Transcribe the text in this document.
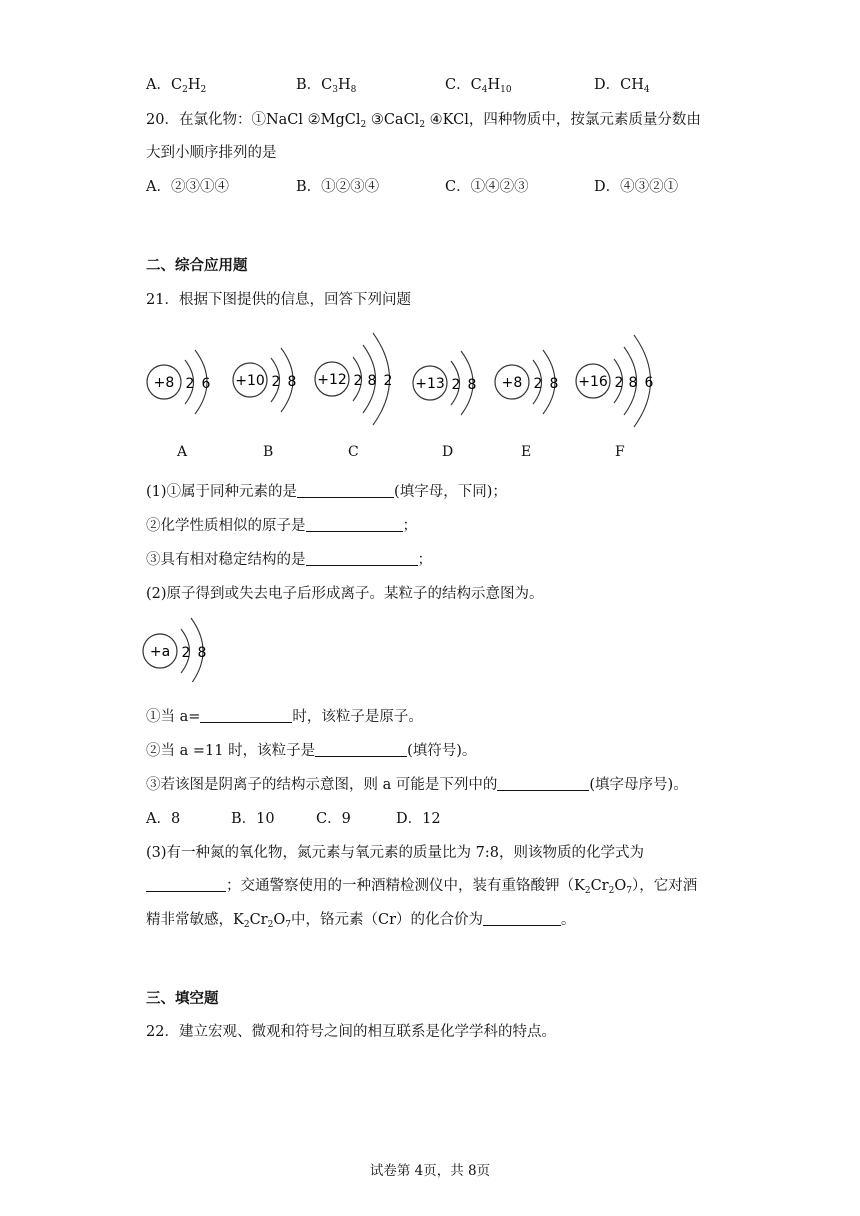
A．$C_2H_2$	B．$C_3H_8$	C．$C_4H_{10}$	D．$CH_4$
20．在氯化物：①NaCl ②MgCl$_2$ ③CaCl$_2$ ④KCl，四种物质中，按氯元素质量分数由
大到小顺序排列的是
A．②③①④	B．①②③④	C．①④②③	D．④③②①
二、综合应用题
21．根据下图提供的信息，回答下列问题
+8 2 6 +10 2 8 +12 2 8 2 +13 2 8 +8 2 8 +16 2 8 6
A	B	C	D	E	F
(1)①属于同种元素的是	(填字母，下同)；
②化学性质相似的原子是	；
③具有相对稳定结构的是	；
(2)原子得到或失去电子后形成离子。某粒子的结构示意图为。
+a 2 8
①当 a=	时，该粒子是原子。
②当 a =11 时，该粒子是	(填符号)。
③若该图是阴离子的结构示意图，则 a 可能是下列中的	(填字母序号)。
A．8	B．10	C．9	D．12
(3)有一种氮的氧化物，氮元素与氧元素的质量比为 7:8，则该物质的化学式为
；交通警察使用的一种酒精检测仪中，装有重铬酸钾$(K_2Cr_2O_7)$，它对酒
精非常敏感，$K_2Cr_2O_7$中，铬元素（Cr）的化合价为	。
三、填空题
22．建立宏观、微观和符号之间的相互联系是化学学科的特点。
试卷第 4页，共 8页
